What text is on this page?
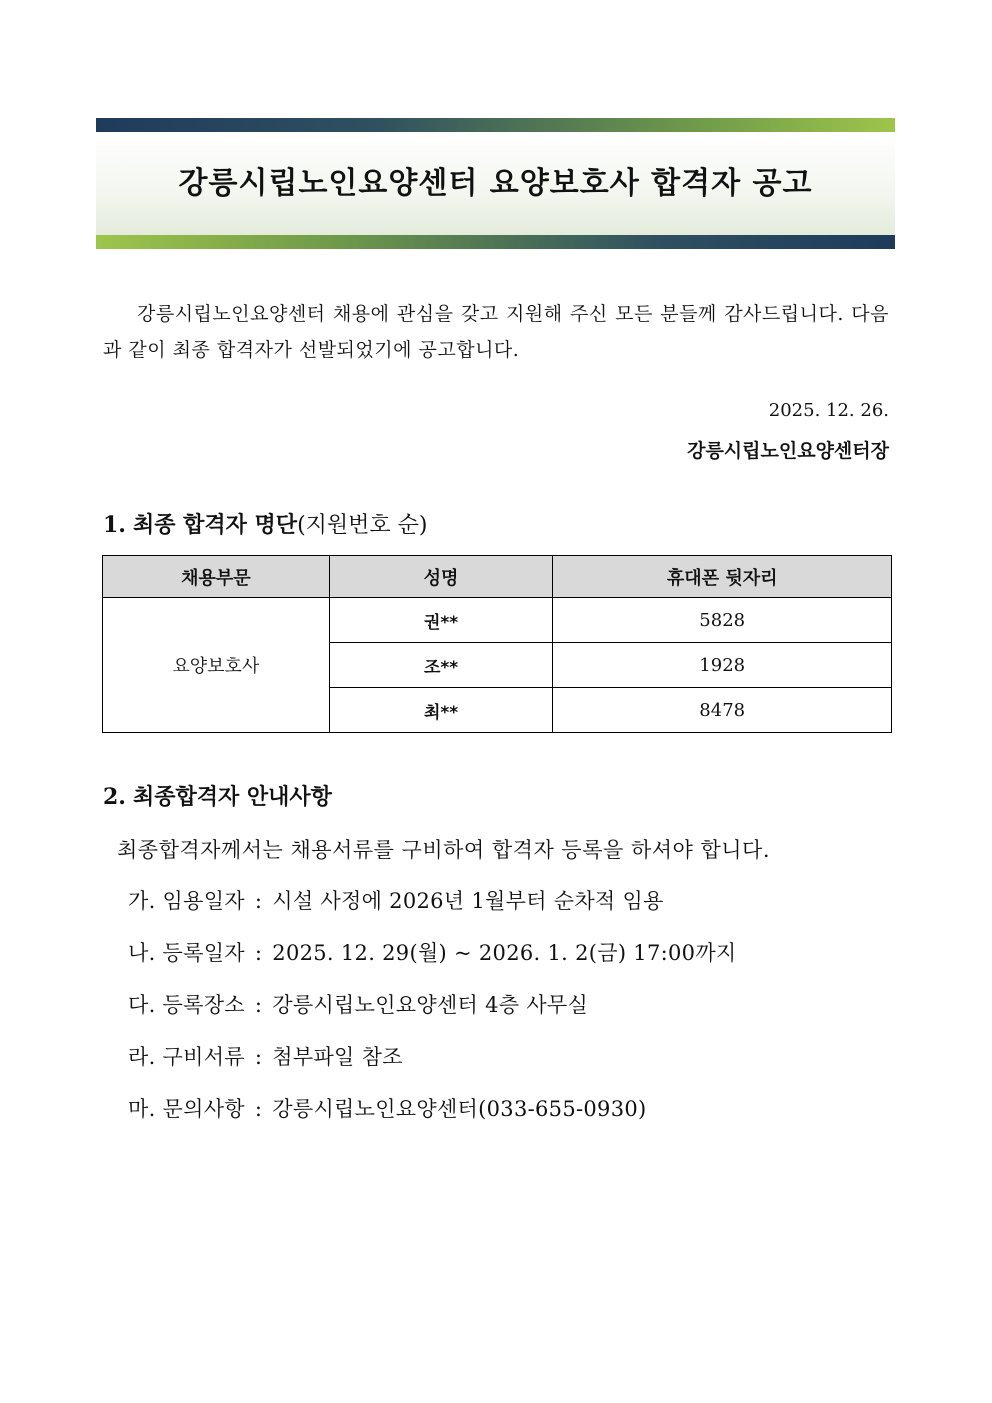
강릉시립노인요양센터 요양보호사 합격자 공고
강릉시립노인요양센터 채용에 관심을 갖고 지원해 주신 모든 분들께 감사드립니다. 다음과 같이 최종 합격자가 선발되었기에 공고합니다.
2025. 12. 26.
강릉시립노인요양센터장
1. 최종 합격자 명단(지원번호 순)
채용부문	성명	휴대폰 뒷자리
요양보호사	권**	5828
	조**	1928
	최**	8478
2. 최종합격자 안내사항
최종합격자께서는 채용서류를 구비하여 합격자 등록을 하셔야 합니다.
가. 임용일자 : 시설 사정에 2026년 1월부터 순차적 임용
나. 등록일자 : 2025. 12. 29(월) ~ 2026. 1. 2(금) 17:00까지
다. 등록장소 : 강릉시립노인요양센터 4층 사무실
라. 구비서류 : 첨부파일 참조
마. 문의사항 : 강릉시립노인요양센터(033-655-0930)
